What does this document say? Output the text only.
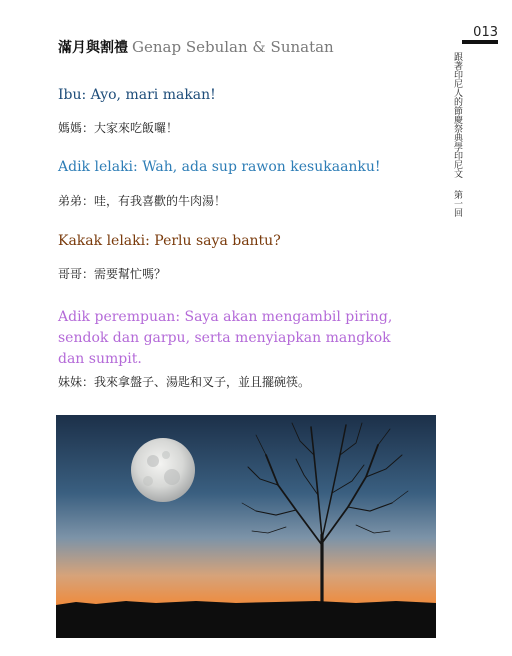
013
跟著印尼人的節慶祭典學印尼文第一回
滿月與割禮 Genap Sebulan & Sunatan
Ibu: Ayo, mari makan!
媽媽：大家來吃飯囉！
Adik lelaki: Wah, ada sup rawon kesukaanku!
弟弟：哇，有我喜歡的牛肉湯！
Kakak lelaki: Perlu saya bantu?
哥哥：需要幫忙嗎？
Adik perempuan: Saya akan mengambil piring, sendok dan garpu, serta menyiapkan mangkok dan sumpit.
妹妹：我來拿盤子、湯匙和叉子，並且擺碗筷。
